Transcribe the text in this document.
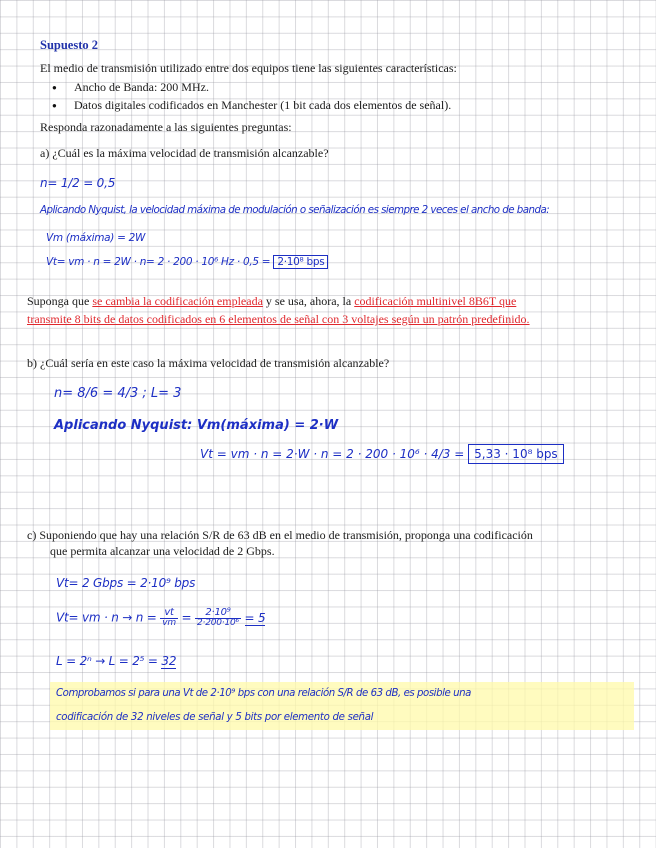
Supuesto 2
El medio de transmisión utilizado entre dos equipos tiene las siguientes características:
● Ancho de Banda: 200 MHz.
● Datos digitales codificados en Manchester (1 bit cada dos elementos de señal).
Responda razonadamente a las siguientes preguntas:
a) ¿Cuál es la máxima velocidad de transmisión alcanzable?
n= 1/2 = 0,5
Aplicando Nyquist, la velocidad máxima de modulación o señalización es siempre 2 veces el ancho de banda:
Vm (máxima) = 2W
Vt= vm · n = 2W · n= 2 · 200 · 10⁶ Hz · 0,5 = 2·10⁸ bps
Suponga que se cambia la codificación empleada y se usa, ahora, la codificación multinivel 8B6T que
transmite 8 bits de datos codificados en 6 elementos de señal con 3 voltajes según un patrón predefinido.
b) ¿Cuál sería en este caso la máxima velocidad de transmisión alcanzable?
n= 8/6 = 4/3 ; L= 3
Aplicando Nyquist: Vm(máxima) = 2·W
Vt = vm · n = 2·W · n = 2 · 200 · 10⁶ · 4/3 = 5,33 · 10⁸ bps
c) Suponiendo que hay una relación S/R de 63 dB en el medio de transmisión, proponga una codificación
que permita alcanzar una velocidad de 2 Gbps.
Vt= 2 Gbps = 2·10⁹ bps
Vt= vm · $n \to n = \frac{vt}{vm} = \frac{\text{2·10⁹}}{\text{2·200·10⁶}} = 5$
L = 2ⁿ → L = 2⁵ = 32
Comprobamos si para una Vt de 2·10⁹ bps con una relación S/R de 63 dB, es posible una
codificación de 32 niveles de señal y 5 bits por elemento de señal
